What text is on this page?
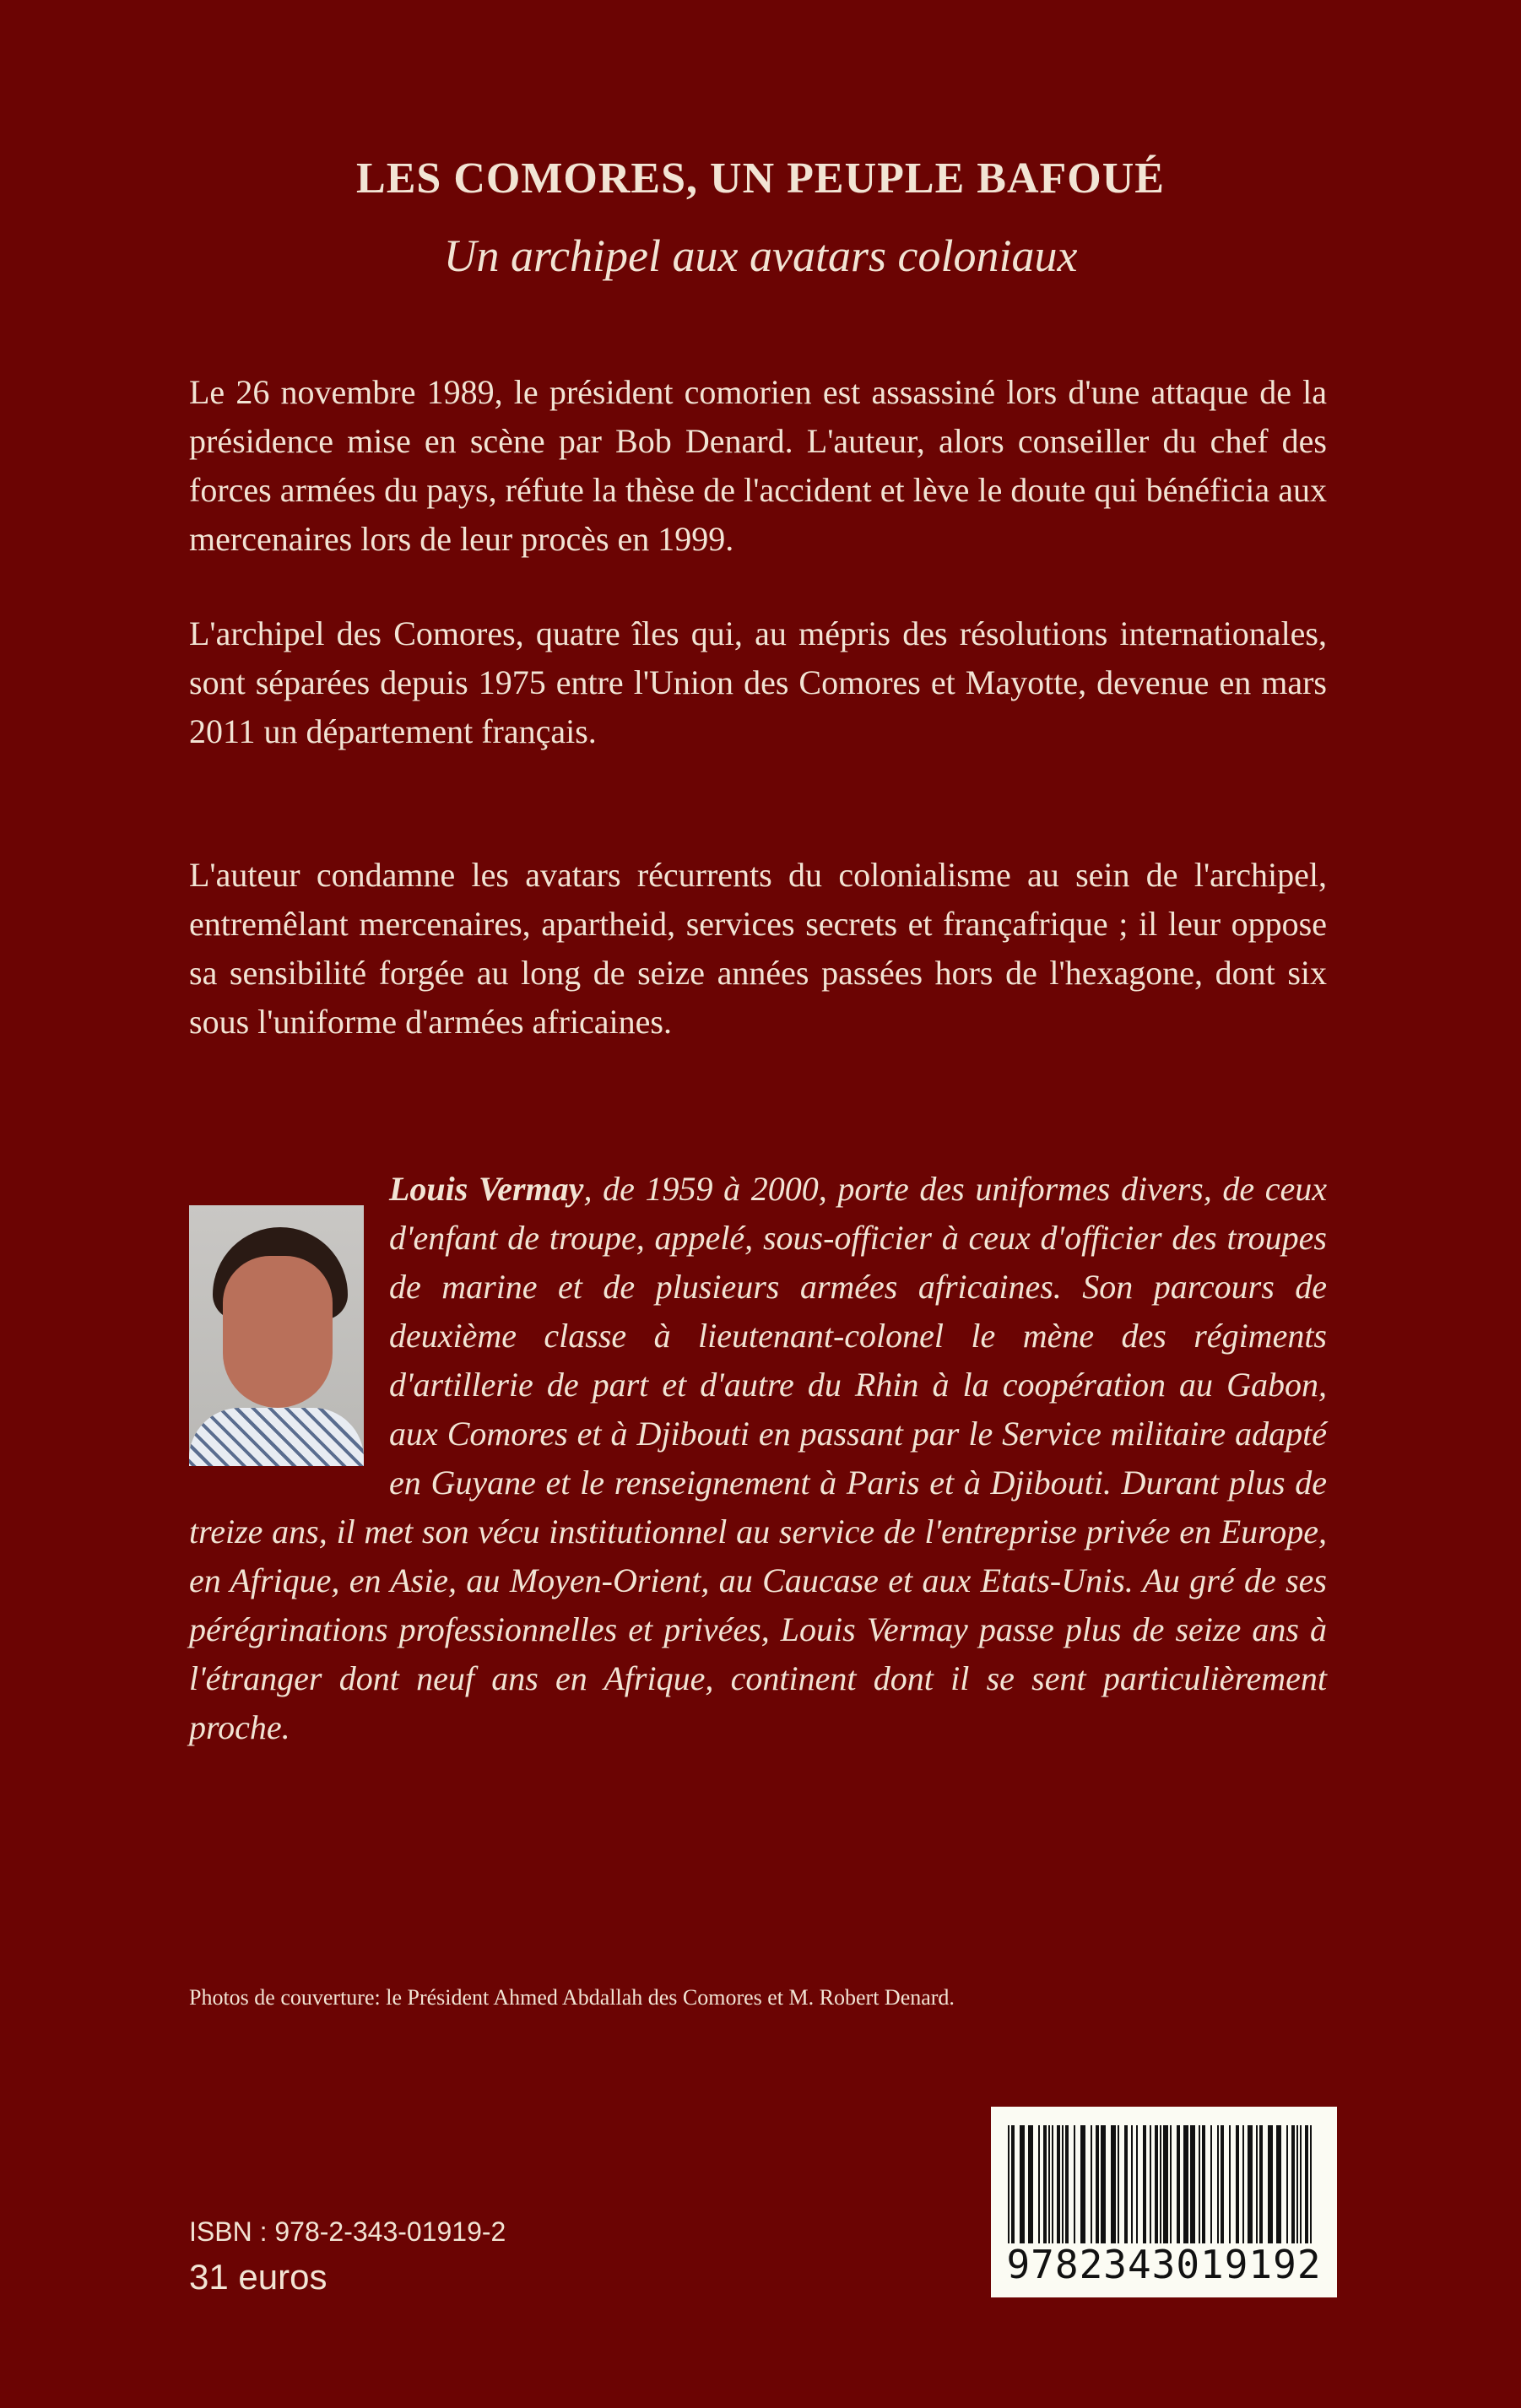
LES COMORES, UN PEUPLE BAFOUÉ
Un archipel aux avatars coloniaux
Le 26 novembre 1989, le président comorien est assassiné lors d'une attaque de la présidence mise en scène par Bob Denard. L'auteur, alors conseiller du chef des forces armées du pays, réfute la thèse de l'accident et lève le doute qui bénéficia aux mercenaires lors de leur procès en 1999.
L'archipel des Comores, quatre îles qui, au mépris des résolutions internationales, sont séparées depuis 1975 entre l'Union des Comores et Mayotte, devenue en mars 2011 un département français.
L'auteur condamne les avatars récurrents du colonialisme au sein de l'archipel, entremêlant mercenaires, apartheid, services secrets et françafrique ; il leur oppose sa sensibilité forgée au long de seize années passées hors de l'hexagone, dont six sous l'uniforme d'armées africaines.
Louis Vermay, de 1959 à 2000, porte des uniformes divers, de ceux d'enfant de troupe, appelé, sous-officier à ceux d'officier des troupes de marine et de plusieurs armées africaines. Son parcours de deuxième classe à lieutenant-colonel le mène des régiments d'artillerie de part et d'autre du Rhin à la coopération au Gabon, aux Comores et à Djibouti en passant par le Service militaire adapté en Guyane et le renseignement à Paris et à Djibouti. Durant plus de treize ans, il met son vécu institutionnel au service de l'entreprise privée en Europe, en Afrique, en Asie, au Moyen-Orient, au Caucase et aux Etats-Unis. Au gré de ses pérégrinations professionnelles et privées, Louis Vermay passe plus de seize ans à l'étranger dont neuf ans en Afrique, continent dont il se sent particulièrement proche.
Photos de couverture: le Président Ahmed Abdallah des Comores et M. Robert Denard.
ISBN : 978-2-343-01919-2
31 euros	9782343019192
